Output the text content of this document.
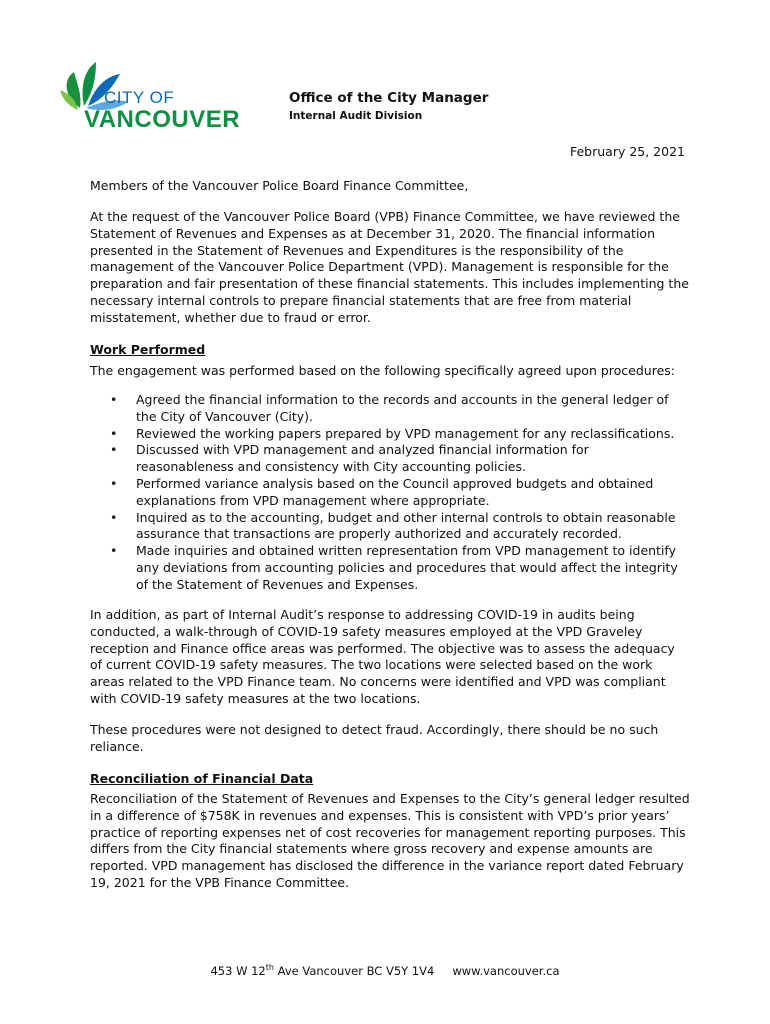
CITY OF
VANCOUVER
Office of the City Manager
Internal Audit Division
February 25, 2021
Members of the Vancouver Police Board Finance Committee,

At the request of the Vancouver Police Board (VPB) Finance Committee, we have reviewed the Statement of Revenues and Expenses as at December 31, 2020. The financial information presented in the Statement of Revenues and Expenditures is the responsibility of the management of the Vancouver Police Department (VPD). Management is responsible for the preparation and fair presentation of these financial statements. This includes implementing the necessary internal controls to prepare financial statements that are free from material misstatement, whether due to fraud or error.

Work Performed
The engagement was performed based on the following specifically agreed upon procedures:
• Agreed the financial information to the records and accounts in the general ledger of the City of Vancouver (City).
• Reviewed the working papers prepared by VPD management for any reclassifications.
• Discussed with VPD management and analyzed financial information for reasonableness and consistency with City accounting policies.
• Performed variance analysis based on the Council approved budgets and obtained explanations from VPD management where appropriate.
• Inquired as to the accounting, budget and other internal controls to obtain reasonable assurance that transactions are properly authorized and accurately recorded.
• Made inquiries and obtained written representation from VPD management to identify any deviations from accounting policies and procedures that would affect the integrity of the Statement of Revenues and Expenses.

In addition, as part of Internal Audit’s response to addressing COVID-19 in audits being conducted, a walk-through of COVID-19 safety measures employed at the VPD Graveley reception and Finance office areas was performed. The objective was to assess the adequacy of current COVID-19 safety measures. The two locations were selected based on the work areas related to the VPD Finance team. No concerns were identified and VPD was compliant with COVID-19 safety measures at the two locations.

These procedures were not designed to detect fraud. Accordingly, there should be no such reliance.

Reconciliation of Financial Data

Reconciliation of the Statement of Revenues and Expenses to the City’s general ledger resulted in a difference of $758K in revenues and expenses. This is consistent with VPD’s prior years’ practice of reporting expenses net of cost recoveries for management reporting purposes. This differs from the City financial statements where gross recovery and expense amounts are reported. VPD management has disclosed the difference in the variance report dated February 19, 2021 for the VPB Finance Committee.

453 W 12th Ave Vancouver BC V5Y 1V4 www.vancouver.ca
